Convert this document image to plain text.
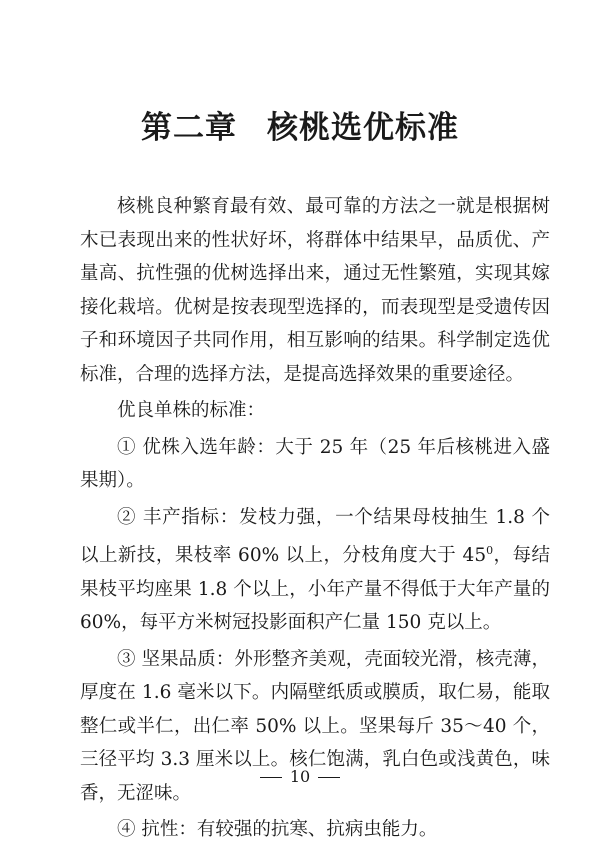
第二章 核桃选优标准

核桃良种繁育最有效、最可靠的方法之一就是根据树木已表现出来的性状好坏，将群体中结果早，品质优、产量高、抗性强的优树选择出来，通过无性繁殖，实现其嫁接化栽培。优树是按表现型选择的，而表现型是受遗传因子和环境因子共同作用，相互影响的结果。科学制定选优标准，合理的选择方法，是提高选择效果的重要途径。

优良单株的标准：

① 优株入选年龄：大于 25 年（25 年后核桃进入盛果期）。

② 丰产指标：发枝力强，一个结果母枝抽生 1.8 个以上新技，果枝率 60% 以上，分枝角度大于 $45^0$，每结果枝平均座果 1.8 个以上，小年产量不得低于大年产量的 60%，每平方米树冠投影面积产仁量 150 克以上。

③ 坚果品质：外形整齐美观，壳面较光滑，核壳薄，厚度在 1.6 毫米以下。内隔壁纸质或膜质，取仁易，能取整仁或半仁，出仁率 50% 以上。坚果每斤 35～40 个，三径平均 3.3 厘米以上。核仁饱满，乳白色或浅黄色，味香，无涩味。

④ 抗性：有较强的抗寒、抗病虫能力。

10
